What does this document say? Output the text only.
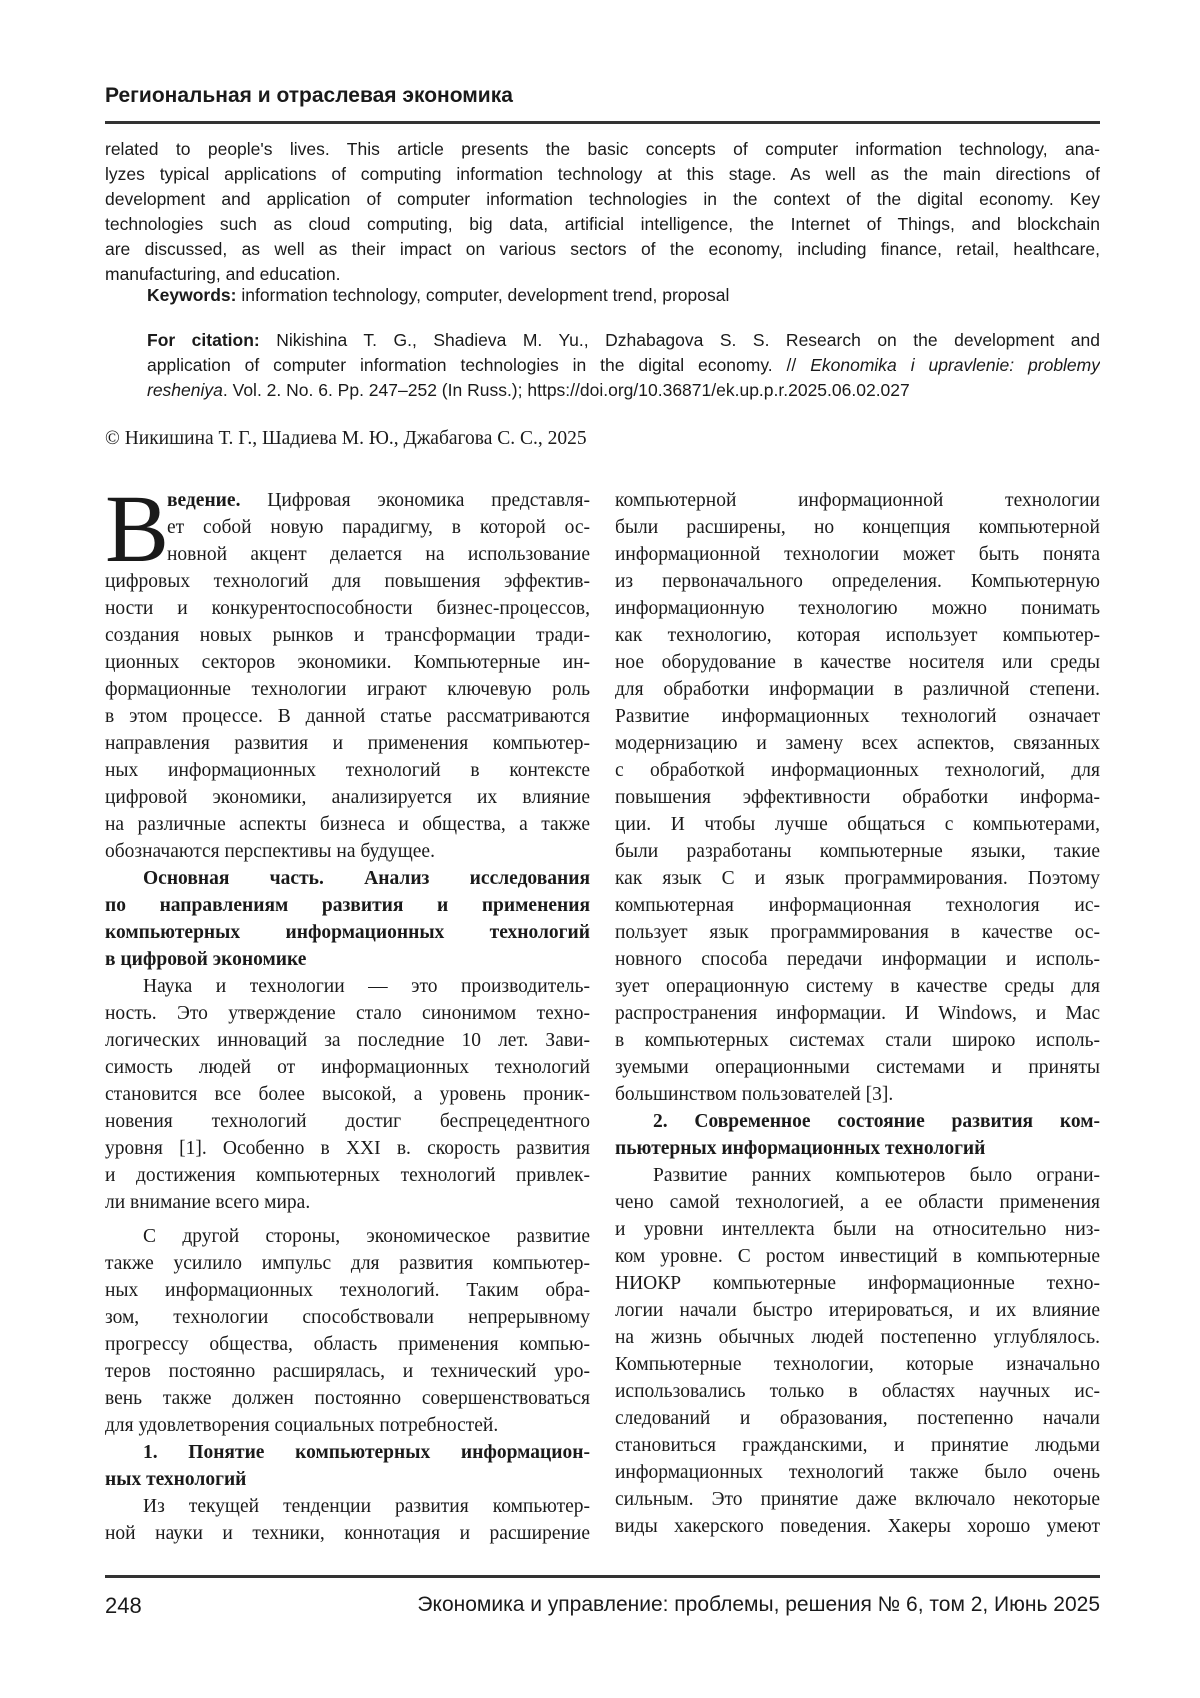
Региональная и отраслевая экономика
related to people's lives. This article presents the basic concepts of computer information technology, ana-
lyzes typical applications of computing information technology at this stage. As well as the main directions of
development and application of computer information technologies in the context of the digital economy. Key
technologies such as cloud computing, big data, artificial intelligence, the Internet of Things, and blockchain
are discussed, as well as their impact on various sectors of the economy, including finance, retail, healthcare,
manufacturing, and education.
Keywords: information technology, computer, development trend, proposal
For citation: Nikishina T. G., Shadieva M. Yu., Dzhabagova S. S. Research on the development and
application of computer information technologies in the digital economy. // Ekonomika i upravlenie: problemy
resheniya. Vol. 2. No. 6. Pp. 247–252 (In Russ.); https://doi.org/10.36871/ek.up.p.r.2025.06.02.027
© Никишина Т. Г., Шадиева М. Ю., Джабагова С. С., 2025
В
ведение. Цифровая экономика представля-
ет собой новую парадигму, в которой ос-
новной акцент делается на использование
цифровых технологий для повышения эффектив-
ности и конкурентоспособности бизнес-процессов,
создания новых рынков и трансформации тради-
ционных секторов экономики. Компьютерные ин-
формационные технологии играют ключевую роль
в этом процессе. В данной статье рассматриваются
направления развития и применения компьютер-
ных информационных технологий в контексте
цифровой экономики, анализируется их влияние
на различные аспекты бизнеса и общества, а также
обозначаются перспективы на будущее.
Основная часть. Анализ исследования
по направлениям развития и применения
компьютерных информационных технологий
в цифровой экономике
Наука и технологии — это производитель-
ность. Это утверждение стало синонимом техно-
логических инноваций за последние 10 лет. Зави-
симость людей от информационных технологий
становится все более высокой, а уровень проник-
новения технологий достиг беспрецедентного
уровня [1]. Особенно в XXI в. скорость развития
и достижения компьютерных технологий привлек-
ли внимание всего мира.
С другой стороны, экономическое развитие
также усилило импульс для развития компьютер-
ных информационных технологий. Таким обра-
зом, технологии способствовали непрерывному
прогрессу общества, область применения компью-
теров постоянно расширялась, и технический уро-
вень также должен постоянно совершенствоваться
для удовлетворения социальных потребностей.
1. Понятие компьютерных информацион-
ных технологий
Из текущей тенденции развития компьютер-
ной науки и техники, коннотация и расширение
компьютерной информационной технологии
были расширены, но концепция компьютерной
информационной технологии может быть понята
из первоначального определения. Компьютерную
информационную технологию можно понимать
как технологию, которая использует компьютер-
ное оборудование в качестве носителя или среды
для обработки информации в различной степени.
Развитие информационных технологий означает
модернизацию и замену всех аспектов, связанных
с обработкой информационных технологий, для
повышения эффективности обработки информа-
ции. И чтобы лучше общаться с компьютерами,
были разработаны компьютерные языки, такие
как язык C и язык программирования. Поэтому
компьютерная информационная технология ис-
пользует язык программирования в качестве ос-
новного способа передачи информации и исполь-
зует операционную систему в качестве среды для
распространения информации. И Windows, и Mac
в компьютерных системах стали широко исполь-
зуемыми операционными системами и приняты
большинством пользователей [3].
2. Современное состояние развития ком-
пьютерных информационных технологий
Развитие ранних компьютеров было ограни-
чено самой технологией, а ее области применения
и уровни интеллекта были на относительно низ-
ком уровне. С ростом инвестиций в компьютерные
НИОКР компьютерные информационные техно-
логии начали быстро итерироваться, и их влияние
на жизнь обычных людей постепенно углублялось.
Компьютерные технологии, которые изначально
использовались только в областях научных ис-
следований и образования, постепенно начали
становиться гражданскими, и принятие людьми
информационных технологий также было очень
сильным. Это принятие даже включало некоторые
виды хакерского поведения. Хакеры хорошо умеют
248	Экономика и управление: проблемы, решения № 6, том 2, Июнь 2025
